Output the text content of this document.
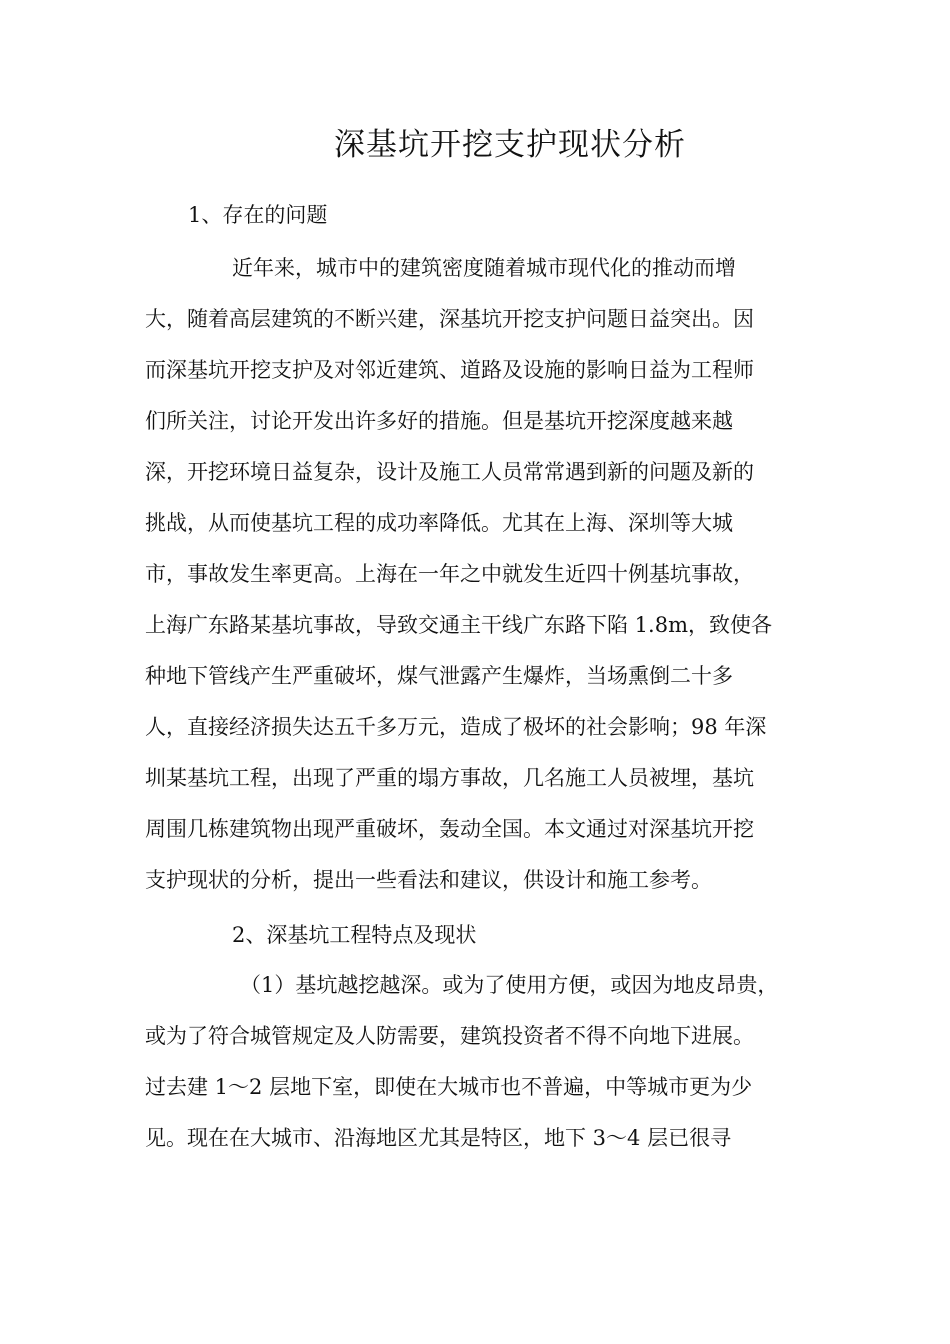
深基坑开挖支护现状分析
1、存在的问题
近年来，城市中的建筑密度随着城市现代化的推动而增
大，随着高层建筑的不断兴建，深基坑开挖支护问题日益突出。因
而深基坑开挖支护及对邻近建筑、道路及设施的影响日益为工程师
们所关注，讨论开发出许多好的措施。但是基坑开挖深度越来越
深，开挖环境日益复杂，设计及施工人员常常遇到新的问题及新的
挑战，从而使基坑工程的成功率降低。尤其在上海、深圳等大城
市，事故发生率更高。上海在一年之中就发生近四十例基坑事故，
上海广东路某基坑事故，导致交通主干线广东路下陷 1.8m，致使各
种地下管线产生严重破坏，煤气泄露产生爆炸，当场熏倒二十多
人，直接经济损失达五千多万元，造成了极坏的社会影响；98 年深
圳某基坑工程，出现了严重的塌方事故，几名施工人员被埋，基坑
周围几栋建筑物出现严重破坏，轰动全国。本文通过对深基坑开挖
支护现状的分析，提出一些看法和建议，供设计和施工参考。
2、深基坑工程特点及现状
（1）基坑越挖越深。或为了使用方便，或因为地皮昂贵，
或为了符合城管规定及人防需要，建筑投资者不得不向地下进展。
过去建 1～2 层地下室，即使在大城市也不普遍，中等城市更为少
见。现在在大城市、沿海地区尤其是特区，地下 3～4 层已很寻
